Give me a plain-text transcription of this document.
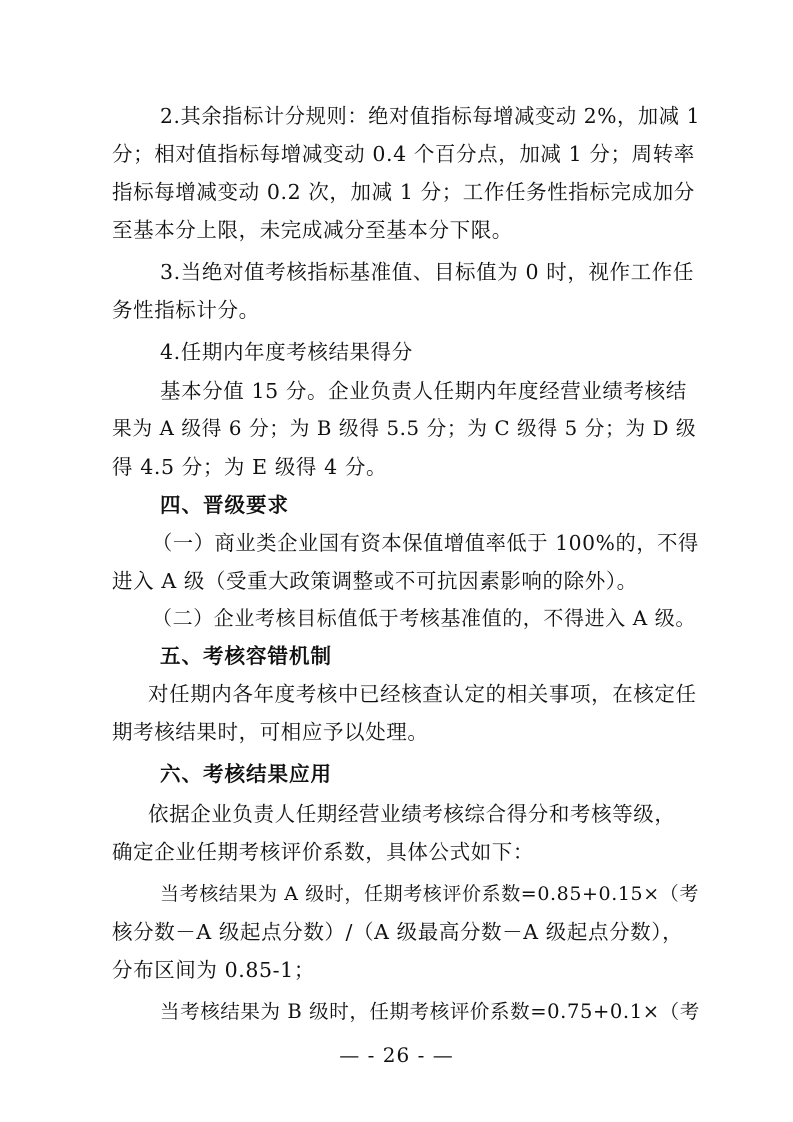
2.其余指标计分规则：绝对值指标每增减变动 2%，加减 1
分；相对值指标每增减变动 0.4 个百分点，加减 1 分；周转率
指标每增减变动 0.2 次，加减 1 分；工作任务性指标完成加分
至基本分上限，未完成减分至基本分下限。
3.当绝对值考核指标基准值、目标值为 0 时，视作工作任
务性指标计分。
4.任期内年度考核结果得分
基本分值 15 分。企业负责人任期内年度经营业绩考核结
果为 A 级得 6 分；为 B 级得 5.5 分；为 C 级得 5 分；为 D 级
得 4.5 分；为 E 级得 4 分。
四、晋级要求
（一）商业类企业国有资本保值增值率低于 100%的，不得
进入 A 级（受重大政策调整或不可抗因素影响的除外）。
（二）企业考核目标值低于考核基准值的，不得进入 A 级。
五、考核容错机制
对任期内各年度考核中已经核查认定的相关事项，在核定任
期考核结果时，可相应予以处理。
六、考核结果应用
依据企业负责人任期经营业绩考核综合得分和考核等级，
确定企业任期考核评价系数，具体公式如下：
当考核结果为 A 级时，任期考核评价系数=0.85+0.15×（考
核分数－A 级起点分数）/（A 级最高分数－A 级起点分数），
分布区间为 0.85-1；
当考核结果为 B 级时，任期考核评价系数=0.75+0.1×（考
— - 26 - —
